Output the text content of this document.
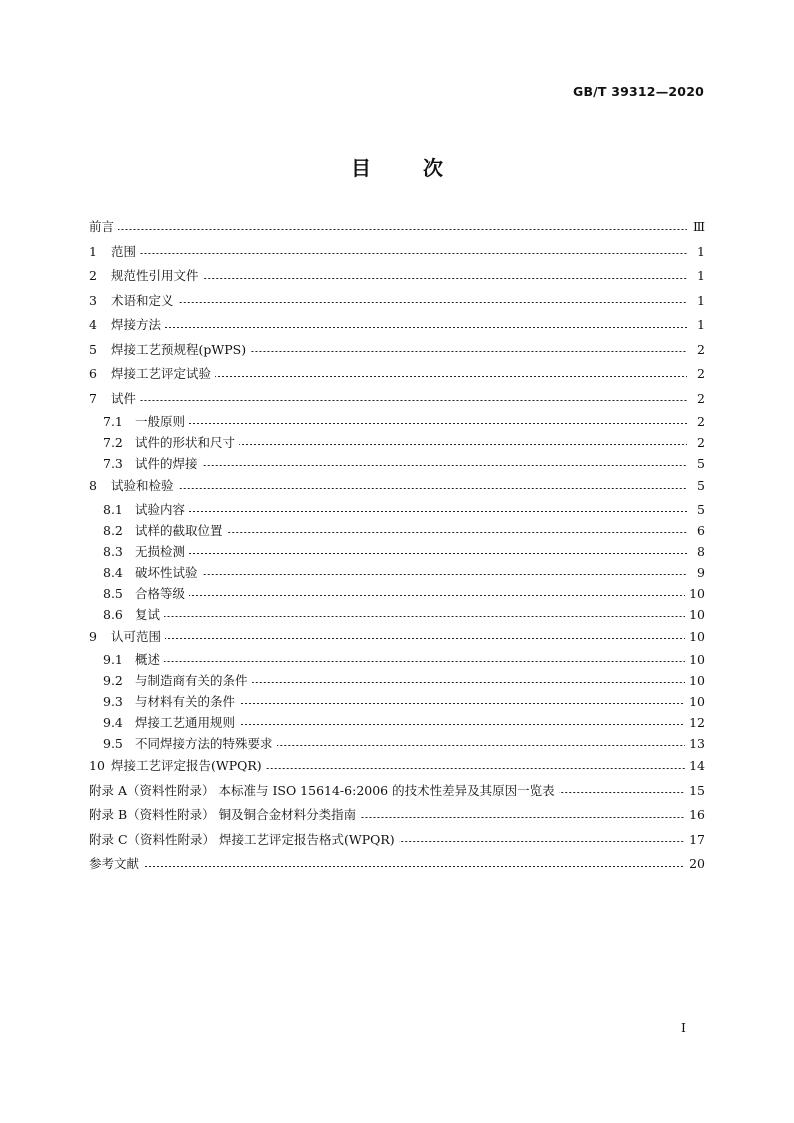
GB/T 39312—2020
目	次
前言	Ⅲ
1	范围	1
2	规范性引用文件	1
3	术语和定义	1
4	焊接方法	1
5	焊接工艺预规程(pWPS)	2
6	焊接工艺评定试验	2
7	试件	2
7.1 一般原则	2
7.2 试件的形状和尺寸	2
7.3 试件的焊接	5
8	试验和检验	5
8.1 试验内容	5
8.2 试样的截取位置	6
8.3 无损检测	8
8.4 破坏性试验	9
8.5 合格等级	10
8.6 复试	10
9	认可范围	10
9.1 概述	10
9.2 与制造商有关的条件	10
9.3 与材料有关的条件	10
9.4 焊接工艺通用规则	12
9.5 不同焊接方法的特殊要求	13
10 焊接工艺评定报告(WPQR)	14
附录 A（资料性附录） 本标准与 ISO 15614-6:2006 的技术性差异及其原因一览表	15
附录 B（资料性附录） 铜及铜合金材料分类指南	16
附录 C（资料性附录） 焊接工艺评定报告格式(WPQR)	17
参考文献	20
I
